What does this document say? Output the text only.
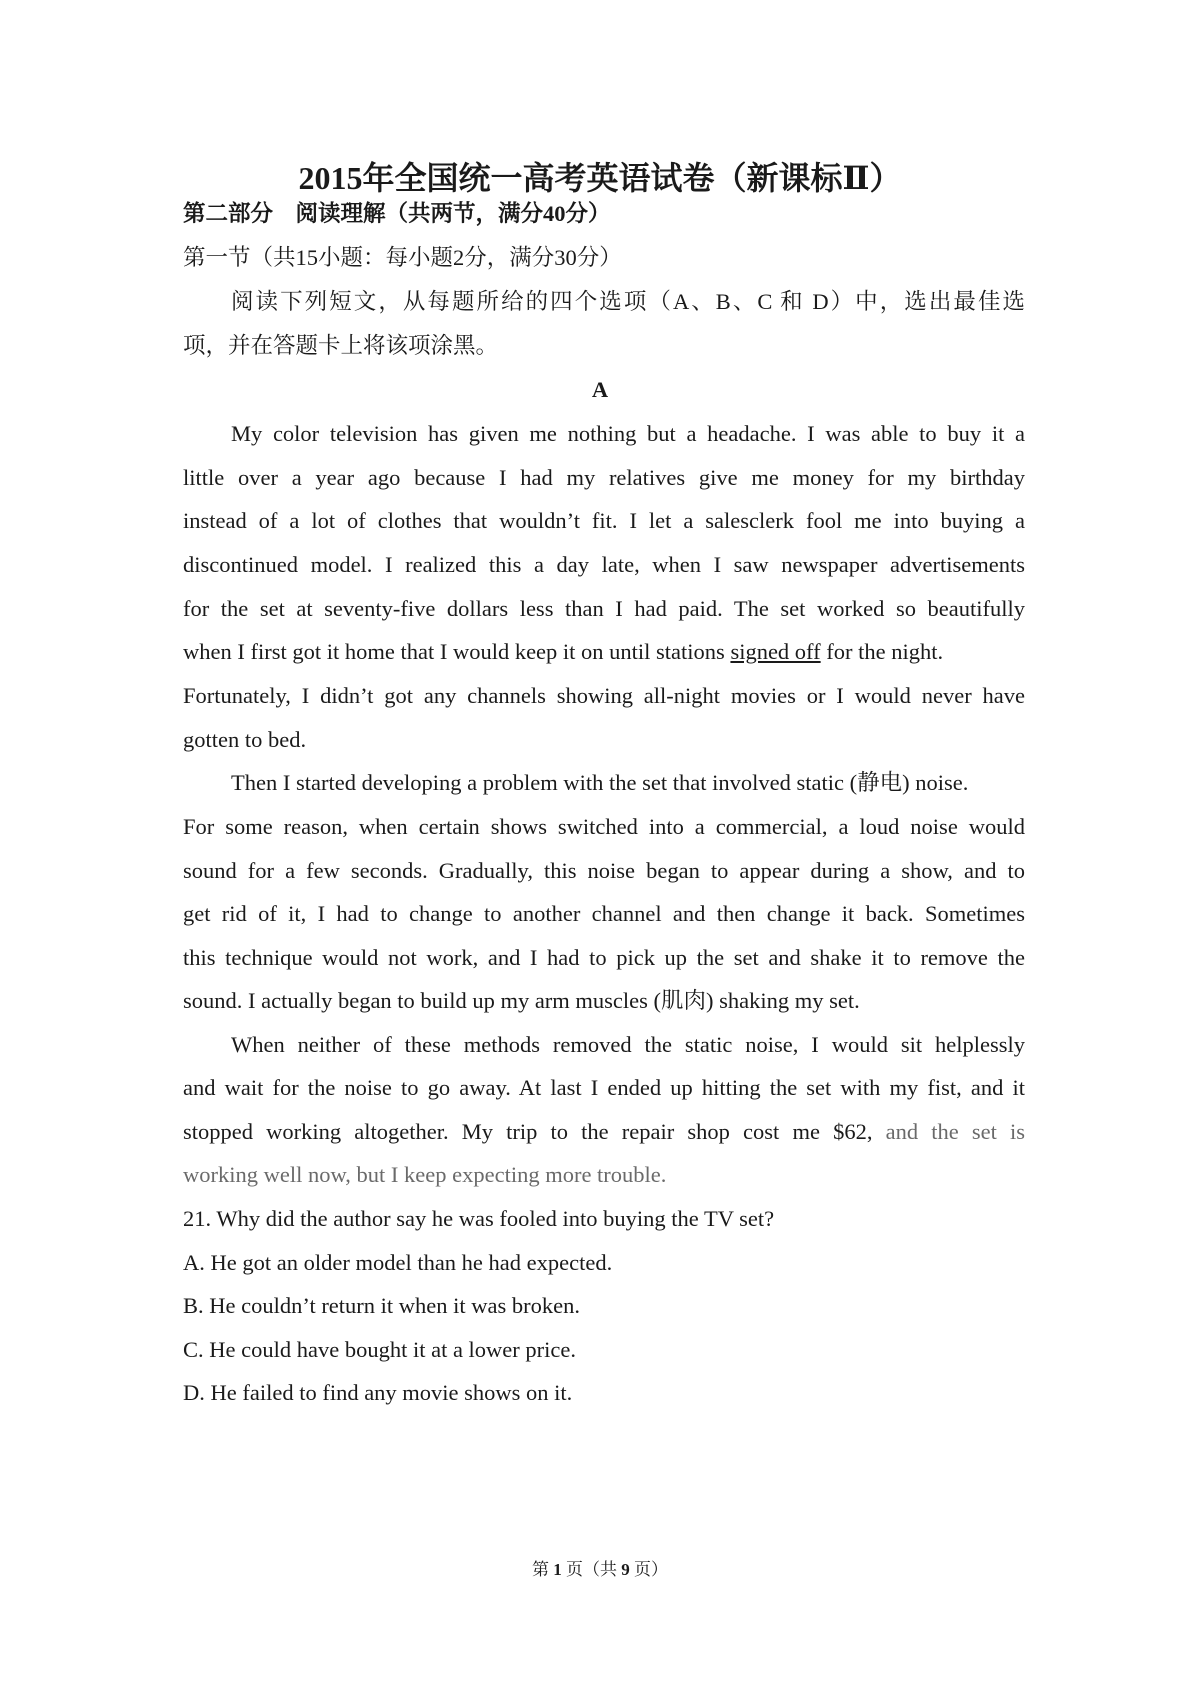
2015年全国统一高考英语试卷（新课标Ⅱ）
第二部分　阅读理解（共两节，满分40分）
第一节（共15小题：每小题2分，满分30分）
阅读下列短文，从每题所给的四个选项（A、B、C 和 D）中，选出最佳选
项，并在答题卡上将该项涂黑。
A
My color television has given me nothing but a headache. I was able to buy it a
little over a year ago because I had my relatives give me money for my birthday
instead of a lot of clothes that wouldn’t fit. I let a salesclerk fool me into buying a
discontinued model. I realized this a day late, when I saw newspaper advertisements
for the set at seventy-five dollars less than I had paid. The set worked so beautifully
when I first got it home that I would keep it on until stations signed off for the night.
Fortunately, I didn’t got any channels showing all-night movies or I would never have
gotten to bed.
Then I started developing a problem with the set that involved static (静电) noise.
For some reason, when certain shows switched into a commercial, a loud noise would
sound for a few seconds. Gradually, this noise began to appear during a show, and to
get rid of it, I had to change to another channel and then change it back. Sometimes
this technique would not work, and I had to pick up the set and shake it to remove the
sound. I actually began to build up my arm muscles (肌肉) shaking my set.
When neither of these methods removed the static noise, I would sit helplessly
and wait for the noise to go away. At last I ended up hitting the set with my fist, and it
stopped working altogether. My trip to the repair shop cost me $62, and the set is
working well now, but I keep expecting more trouble.
21. Why did the author say he was fooled into buying the TV set?
A. He got an older model than he had expected.
B. He couldn’t return it when it was broken.
C. He could have bought it at a lower price.
D. He failed to find any movie shows on it.
第 1 页（共 9 页）
